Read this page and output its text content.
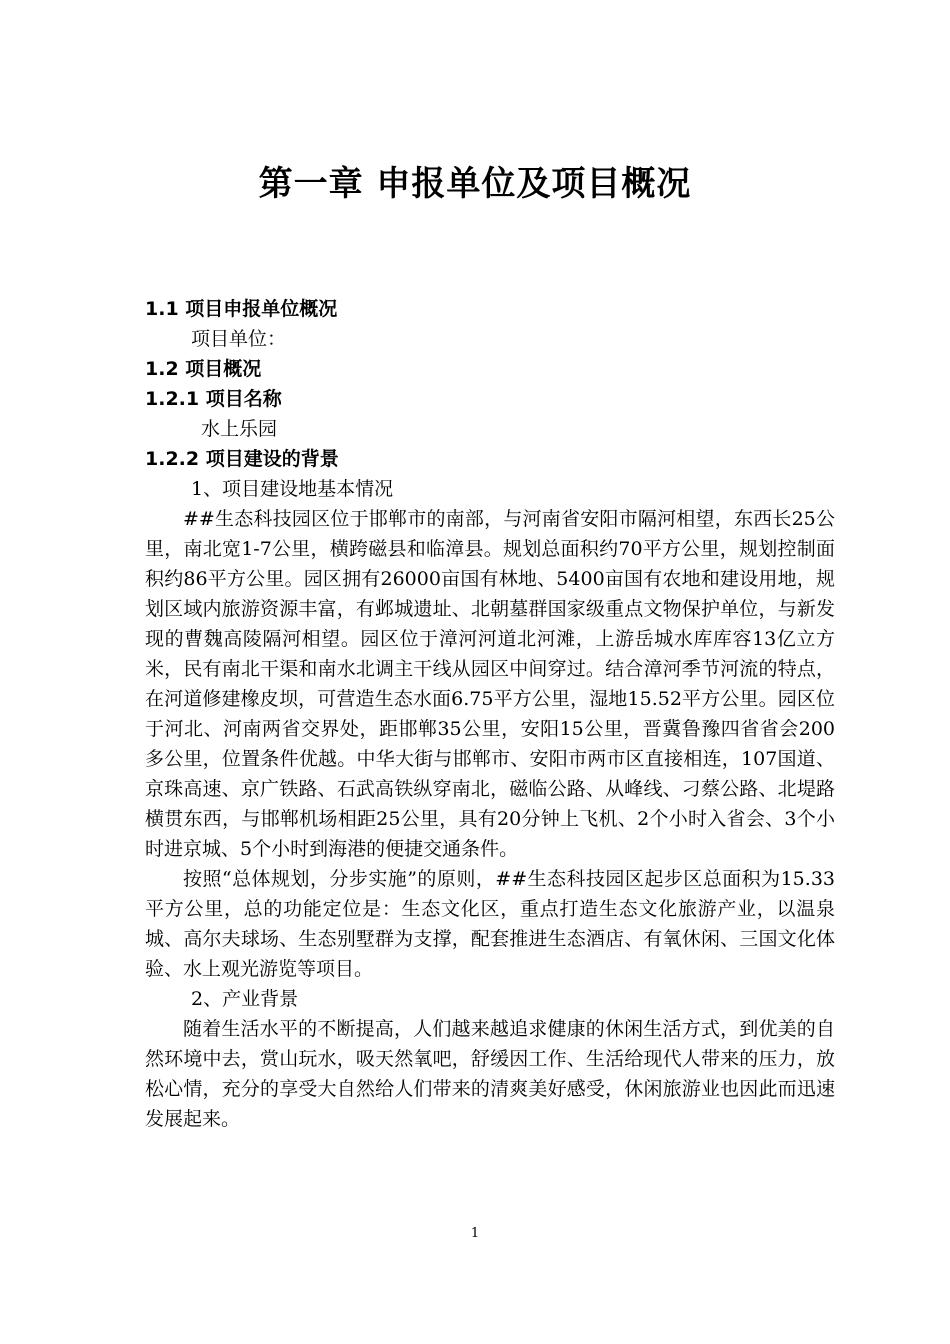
第一章 申报单位及项目概况
1.1 项目申报单位概况
项目单位：
1.2 项目概况
1.2.1 项目名称
水上乐园
1.2.2 项目建设的背景
1、项目建设地基本情况

##生态科技园区位于邯郸市的南部，与河南省安阳市隔河相望，东西长25公里，南北宽1-7公里，横跨磁县和临漳县。规划总面积约70平方公里，规划控制面积约86平方公里。园区拥有26000亩国有林地、5400亩国有农地和建设用地，规划区域内旅游资源丰富，有邺城遗址、北朝墓群国家级重点文物保护单位，与新发现的曹魏高陵隔河相望。园区位于漳河河道北河滩，上游岳城水库库容13亿立方米，民有南北干渠和南水北调主干线从园区中间穿过。结合漳河季节河流的特点，在河道修建橡皮坝，可营造生态水面6.75平方公里，湿地15.52平方公里。园区位于河北、河南两省交界处，距邯郸35公里，安阳15公里，晋冀鲁豫四省省会200多公里，位置条件优越。中华大街与邯郸市、安阳市两市区直接相连，107国道、京珠高速、京广铁路、石武高铁纵穿南北，磁临公路、从峰线、刁蔡公路、北堤路横贯东西，与邯郸机场相距25公里，具有20分钟上飞机、2个小时入省会、3个小时进京城、5个小时到海港的便捷交通条件。

按照“总体规划，分步实施”的原则，##生态科技园区起步区总面积为15.33平方公里，总的功能定位是：生态文化区，重点打造生态文化旅游产业，以温泉城、高尔夫球场、生态别墅群为支撑，配套推进生态酒店、有氧休闲、三国文化体验、水上观光游览等项目。

2、产业背景

随着生活水平的不断提高，人们越来越追求健康的休闲生活方式，到优美的自然环境中去，赏山玩水，吸天然氧吧，舒缓因工作、生活给现代人带来的压力，放松心情，充分的享受大自然给人们带来的清爽美好感受，休闲旅游业也因此而迅速发展起来。

1
